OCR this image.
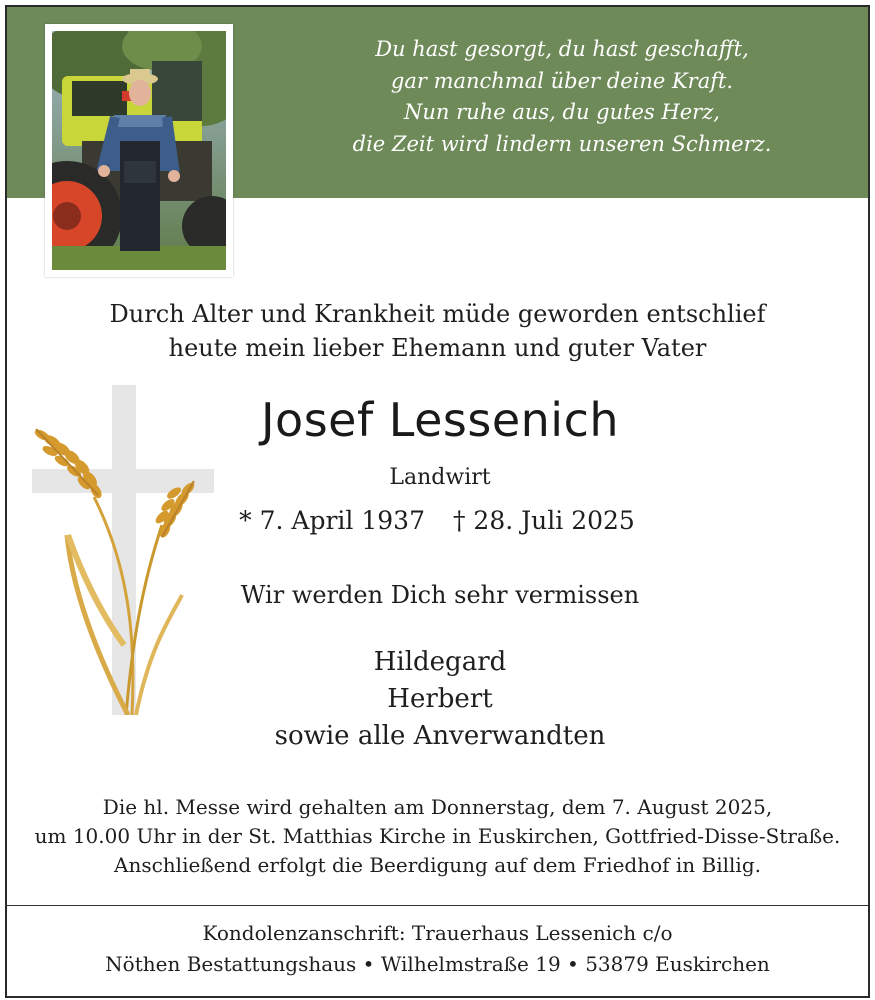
Du hast gesorgt, du hast geschafft,
gar manchmal über deine Kraft.
Nun ruhe aus, du gutes Herz,
die Zeit wird lindern unseren Schmerz.
Durch Alter und Krankheit müde geworden entschlief
heute mein lieber Ehemann und guter Vater
Josef Lessenich
Landwirt
* 7. April 1937 † 28. Juli 2025
Wir werden Dich sehr vermissen
Hildegard
Herbert
sowie alle Anverwandten
Die hl. Messe wird gehalten am Donnerstag, dem 7. August 2025,
um 10.00 Uhr in der St. Matthias Kirche in Euskirchen, Gottfried-Disse-Straße.
Anschließend erfolgt die Beerdigung auf dem Friedhof in Billig.
Kondolenzanschrift: Trauerhaus Lessenich c/o
Nöthen Bestattungshaus • Wilhelmstraße 19 • 53879 Euskirchen
